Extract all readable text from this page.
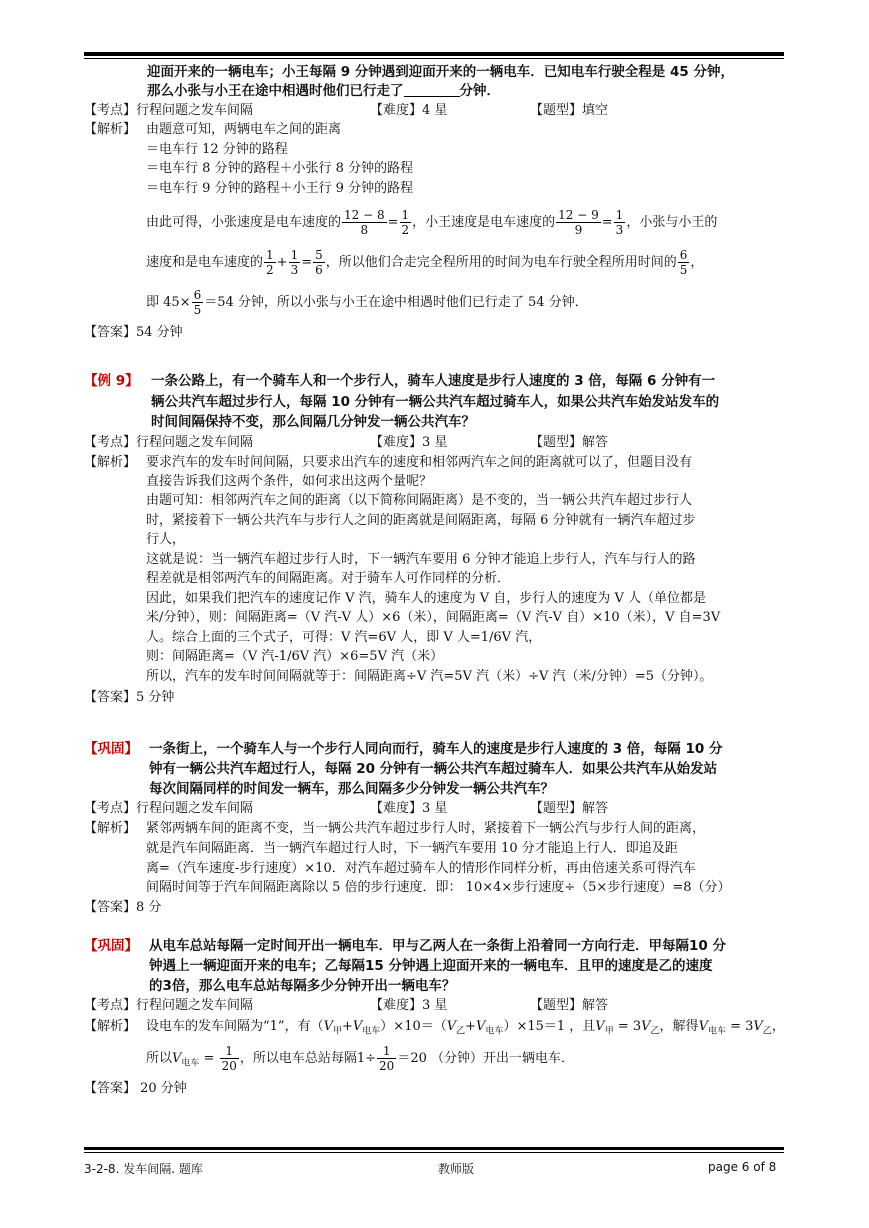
迎面开来的一辆电车；小王每隔 9 分钟遇到迎面开来的一辆电车．已知电车行驶全程是 45 分钟，
那么小张与小王在途中相遇时他们已行走了	分钟．
【考点】行程问题之发车间隔	【难度】4 星	【题型】填空
【解析】 由题意可知，两辆电车之间的距离
＝电车行 12 分钟的路程
＝电车行 8 分钟的路程＋小张行 8 分钟的路程
＝电车行 9 分钟的路程＋小王行 9 分钟的路程
由此可得，小张速度是电车速度的 $\frac{12 - 8}{8} = \frac{1}{2}$ ，小王速度是电车速度的 $\frac{12 - 9}{9} = \frac{1}{3}$ ，小张与小王的
速度和是电车速度的 $\frac{1}{2} + \frac{1}{3} = \frac{5}{6}$ ，所以他们合走完全程所用的时间为电车行驶全程所用时间的 $\frac{6}{5}$ ，
即 $45\times \frac{6}{5} =54$ 分钟，所以小张与小王在途中相遇时他们已行走了 54 分钟．
【答案】54 分钟
【例 9】 一条公路上，有一个骑车人和一个步行人，骑车人速度是步行人速度的 3 倍，每隔 6 分钟有一
辆公共汽车超过步行人，每隔 10 分钟有一辆公共汽车超过骑车人，如果公共汽车始发站发车的
时间间隔保持不变，那么间隔几分钟发一辆公共汽车？
【考点】行程问题之发车间隔	【难度】3 星	【题型】解答
【解析】 要求汽车的发车时间间隔，只要求出汽车的速度和相邻两汽车之间的距离就可以了，但题目没有
直接告诉我们这两个条件，如何求出这两个量呢？
由题可知：相邻两汽车之间的距离（以下简称间隔距离）是不变的，当一辆公共汽车超过步行人
时，紧接着下一辆公共汽车与步行人之间的距离就是间隔距离，每隔 6 分钟就有一辆汽车超过步
行人，
这就是说：当一辆汽车超过步行人时，下一辆汽车要用 6 分钟才能追上步行人，汽车与行人的路
程差就是相邻两汽车的间隔距离。对于骑车人可作同样的分析．
因此，如果我们把汽车的速度记作 V 汽，骑车人的速度为 V 自，步行人的速度为 V 人（单位都是
米/分钟），则：间隔距离=（V 汽-V 人）×6（米），间隔距离=（V 汽-V 自）×10（米），V 自=3V
人。综合上面的三个式子，可得：V 汽=6V 人，即 V 人=1/6V 汽，
则：间隔距离=（V 汽-1/6V 汽）×6=5V 汽（米）
所以，汽车的发车时间间隔就等于：间隔距离÷V 汽=5V 汽（米）÷V 汽（米/分钟）=5（分钟）。
【答案】5 分钟
【巩固】 一条街上，一个骑车人与一个步行人同向而行，骑车人的速度是步行人速度的 3 倍，每隔 10 分
钟有一辆公共汽车超过行人，每隔 20 分钟有一辆公共汽车超过骑车人．如果公共汽车从始发站
每次间隔同样的时间发一辆车，那么间隔多少分钟发一辆公共汽车？
【考点】行程问题之发车间隔	【难度】3 星	【题型】解答
【解析】 紧邻两辆车间的距离不变，当一辆公共汽车超过步行人时，紧接着下一辆公汽与步行人间的距离，
就是汽车间隔距离．当一辆汽车超过行人时，下一辆汽车要用 10 分才能追上行人．即追及距
离=（汽车速度-步行速度）×10．对汽车超过骑车人的情形作同样分析，再由倍速关系可得汽车
间隔时间等于汽车间隔距离除以 5 倍的步行速度．即： 10×4×步行速度÷（5×步行速度）=8（分）
【答案】8 分
【巩固】 从电车总站每隔一定时间开出一辆电车．甲与乙两人在一条街上沿着同一方向行走．甲每隔10 分
钟遇上一辆迎面开来的电车；乙每隔15 分钟遇上迎面开来的一辆电车．且甲的速度是乙的速度
的3倍，那么电车总站每隔多少分钟开出一辆电车？
【考点】行程问题之发车间隔	【难度】3 星	【题型】解答
【解析】 设电车的发车间隔为“1”，有$(V_甲+V_{电车})\times 10=(V_乙+V_{电车})\times 15=1$ ，且$V_甲 = 3V_乙$，解得$V_{电车} = 3V_乙$，
所以$V_{电车} = \frac{1}{20}$ ，所以电车总站每隔$1\div \frac{1}{20} =20$ （分钟）开出一辆电车．
【答案】 20 分钟
3-2-8. 发车间隔. 题库	教师版	page 6 of 8
